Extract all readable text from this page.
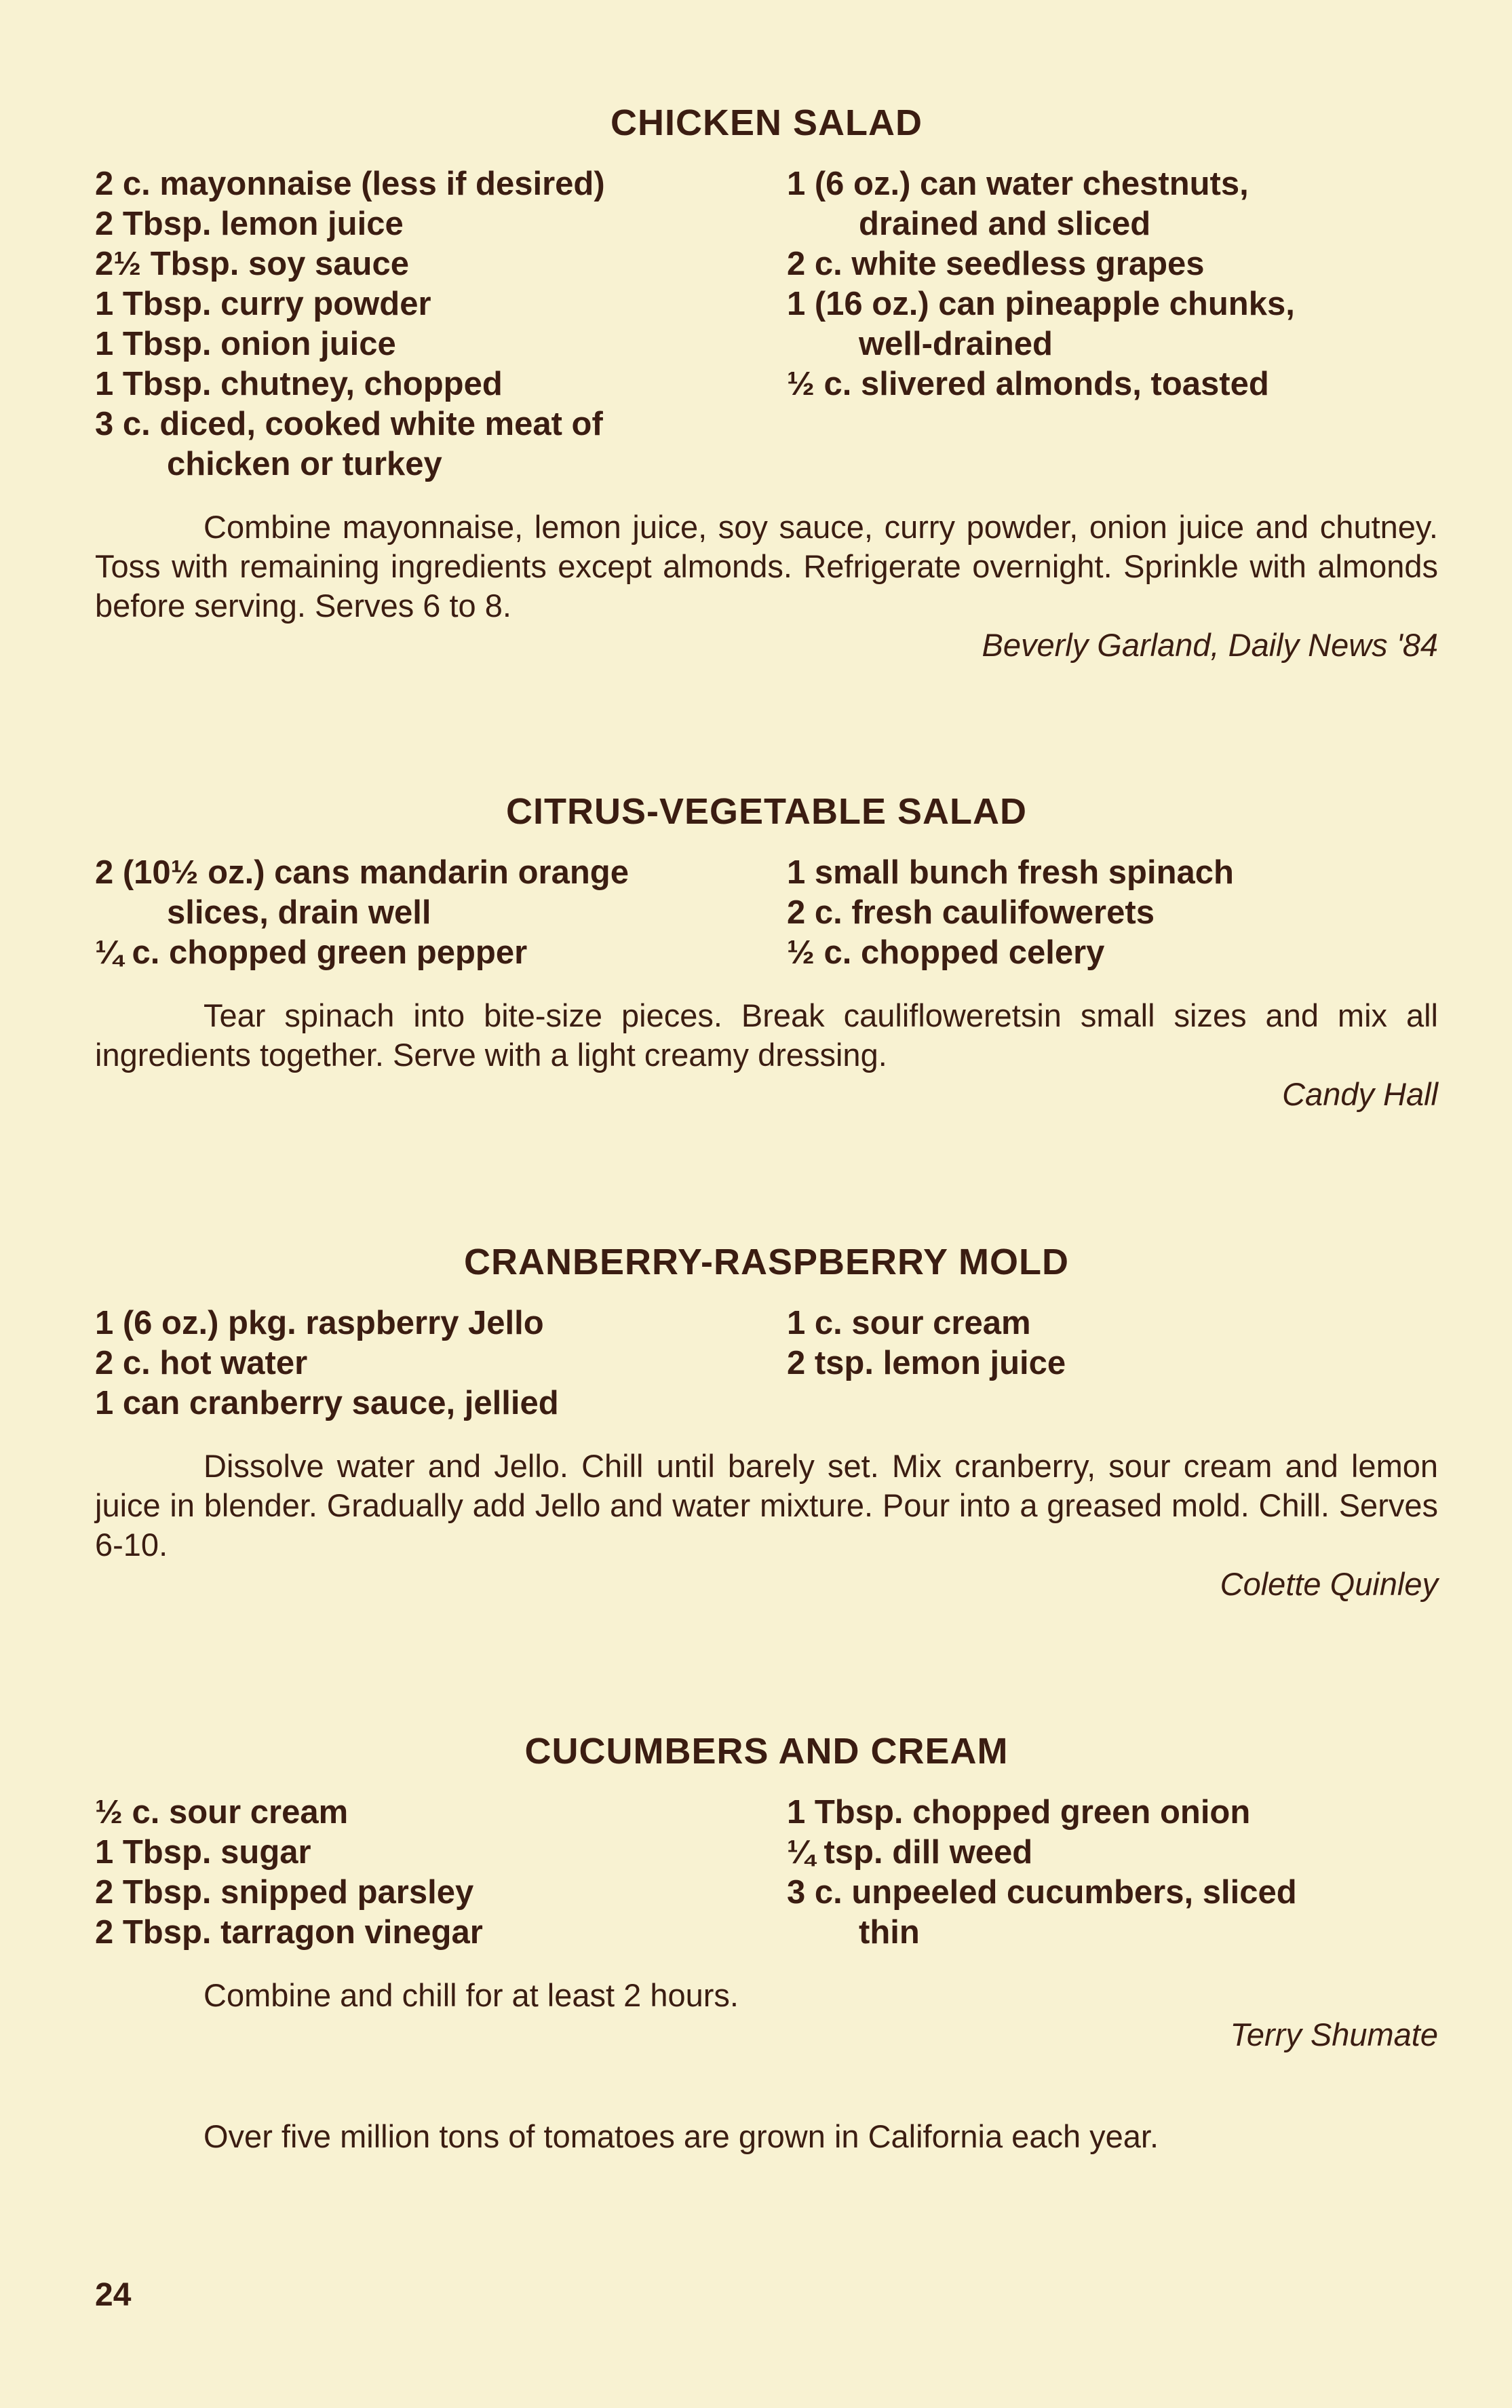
CHICKEN SALAD

2 c. mayonnaise (less if desired)

2 Tbsp. lemon juice

2½ Tbsp. soy sauce

1 Tbsp. curry powder

1 Tbsp. onion juice

1 Tbsp. chutney, chopped

3 c. diced, cooked white meat of

chicken or turkey

1 (6 oz.) can water chestnuts,

drained and sliced

2 c. white seedless grapes

1 (16 oz.) can pineapple chunks,

well-drained

½ c. slivered almonds, toasted

Combine mayonnaise, lemon juice, soy sauce, curry powder, onion juice and chutney. Toss with remaining ingredients except almonds. Refrigerate overnight. Sprinkle with almonds before serving. Serves 6 to 8.

Beverly Garland, Daily News '84

CITRUS-VEGETABLE SALAD

2 (10½ oz.) cans mandarin orange

slices, drain well

¼ c. chopped green pepper

1 small bunch fresh spinach

2 c. fresh caulifowerets

½ c. chopped celery

Tear spinach into bite-size pieces. Break caulifloweretsin small sizes and mix all ingredients together. Serve with a light creamy dressing.

Candy Hall

CRANBERRY-RASPBERRY MOLD

1 (6 oz.) pkg. raspberry Jello

2 c. hot water

1 can cranberry sauce, jellied

1 c. sour cream

2 tsp. lemon juice

Dissolve water and Jello. Chill until barely set. Mix cranberry, sour cream and lemon juice in blender. Gradually add Jello and water mixture. Pour into a greased mold. Chill. Serves 6-10.

Colette Quinley

CUCUMBERS AND CREAM

½ c. sour cream

1 Tbsp. sugar

2 Tbsp. snipped parsley

2 Tbsp. tarragon vinegar

1 Tbsp. chopped green onion

¼ tsp. dill weed

3 c. unpeeled cucumbers, sliced

thin

Combine and chill for at least 2 hours.

Terry Shumate

Over five million tons of tomatoes are grown in California each year.

24
